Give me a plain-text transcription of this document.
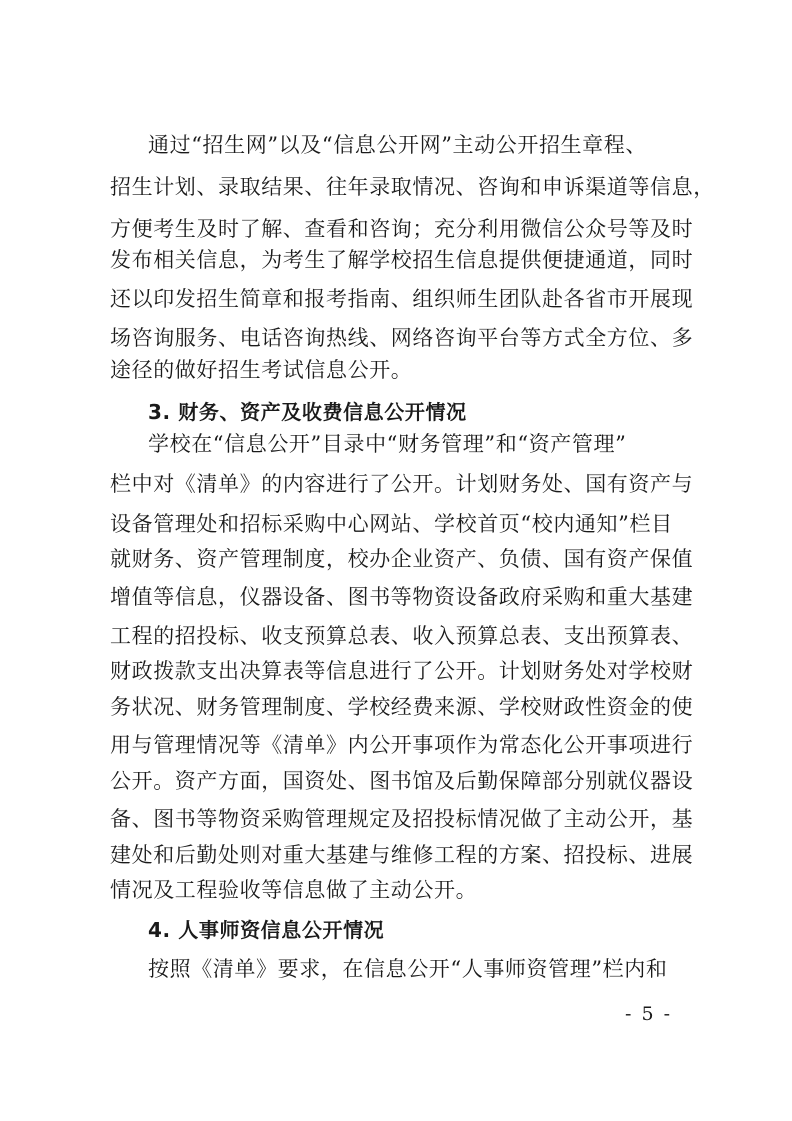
通过“招生网”以及“信息公开网”主动公开招生章程、
招生计划、录取结果、往年录取情况、咨询和申诉渠道等信息，
方便考生及时了解、查看和咨询；充分利用微信公众号等及时
发布相关信息，为考生了解学校招生信息提供便捷通道，同时
还以印发招生简章和报考指南、组织师生团队赴各省市开展现
场咨询服务、电话咨询热线、网络咨询平台等方式全方位、多
途径的做好招生考试信息公开。
3. 财务、资产及收费信息公开情况
学校在“信息公开”目录中“财务管理”和“资产管理”
栏中对《清单》的内容进行了公开。计划财务处、国有资产与
设备管理处和招标采购中心网站、学校首页“校内通知”栏目
就财务、资产管理制度，校办企业资产、负债、国有资产保值
增值等信息，仪器设备、图书等物资设备政府采购和重大基建
工程的招投标、收支预算总表、收入预算总表、支出预算表、
财政拨款支出决算表等信息进行了公开。计划财务处对学校财
务状况、财务管理制度、学校经费来源、学校财政性资金的使
用与管理情况等《清单》内公开事项作为常态化公开事项进行
公开。资产方面，国资处、图书馆及后勤保障部分别就仪器设
备、图书等物资采购管理规定及招投标情况做了主动公开，基
建处和后勤处则对重大基建与维修工程的方案、招投标、进展
情况及工程验收等信息做了主动公开。
4. 人事师资信息公开情况
按照《清单》要求，在信息公开“人事师资管理”栏内和
- 5 -
